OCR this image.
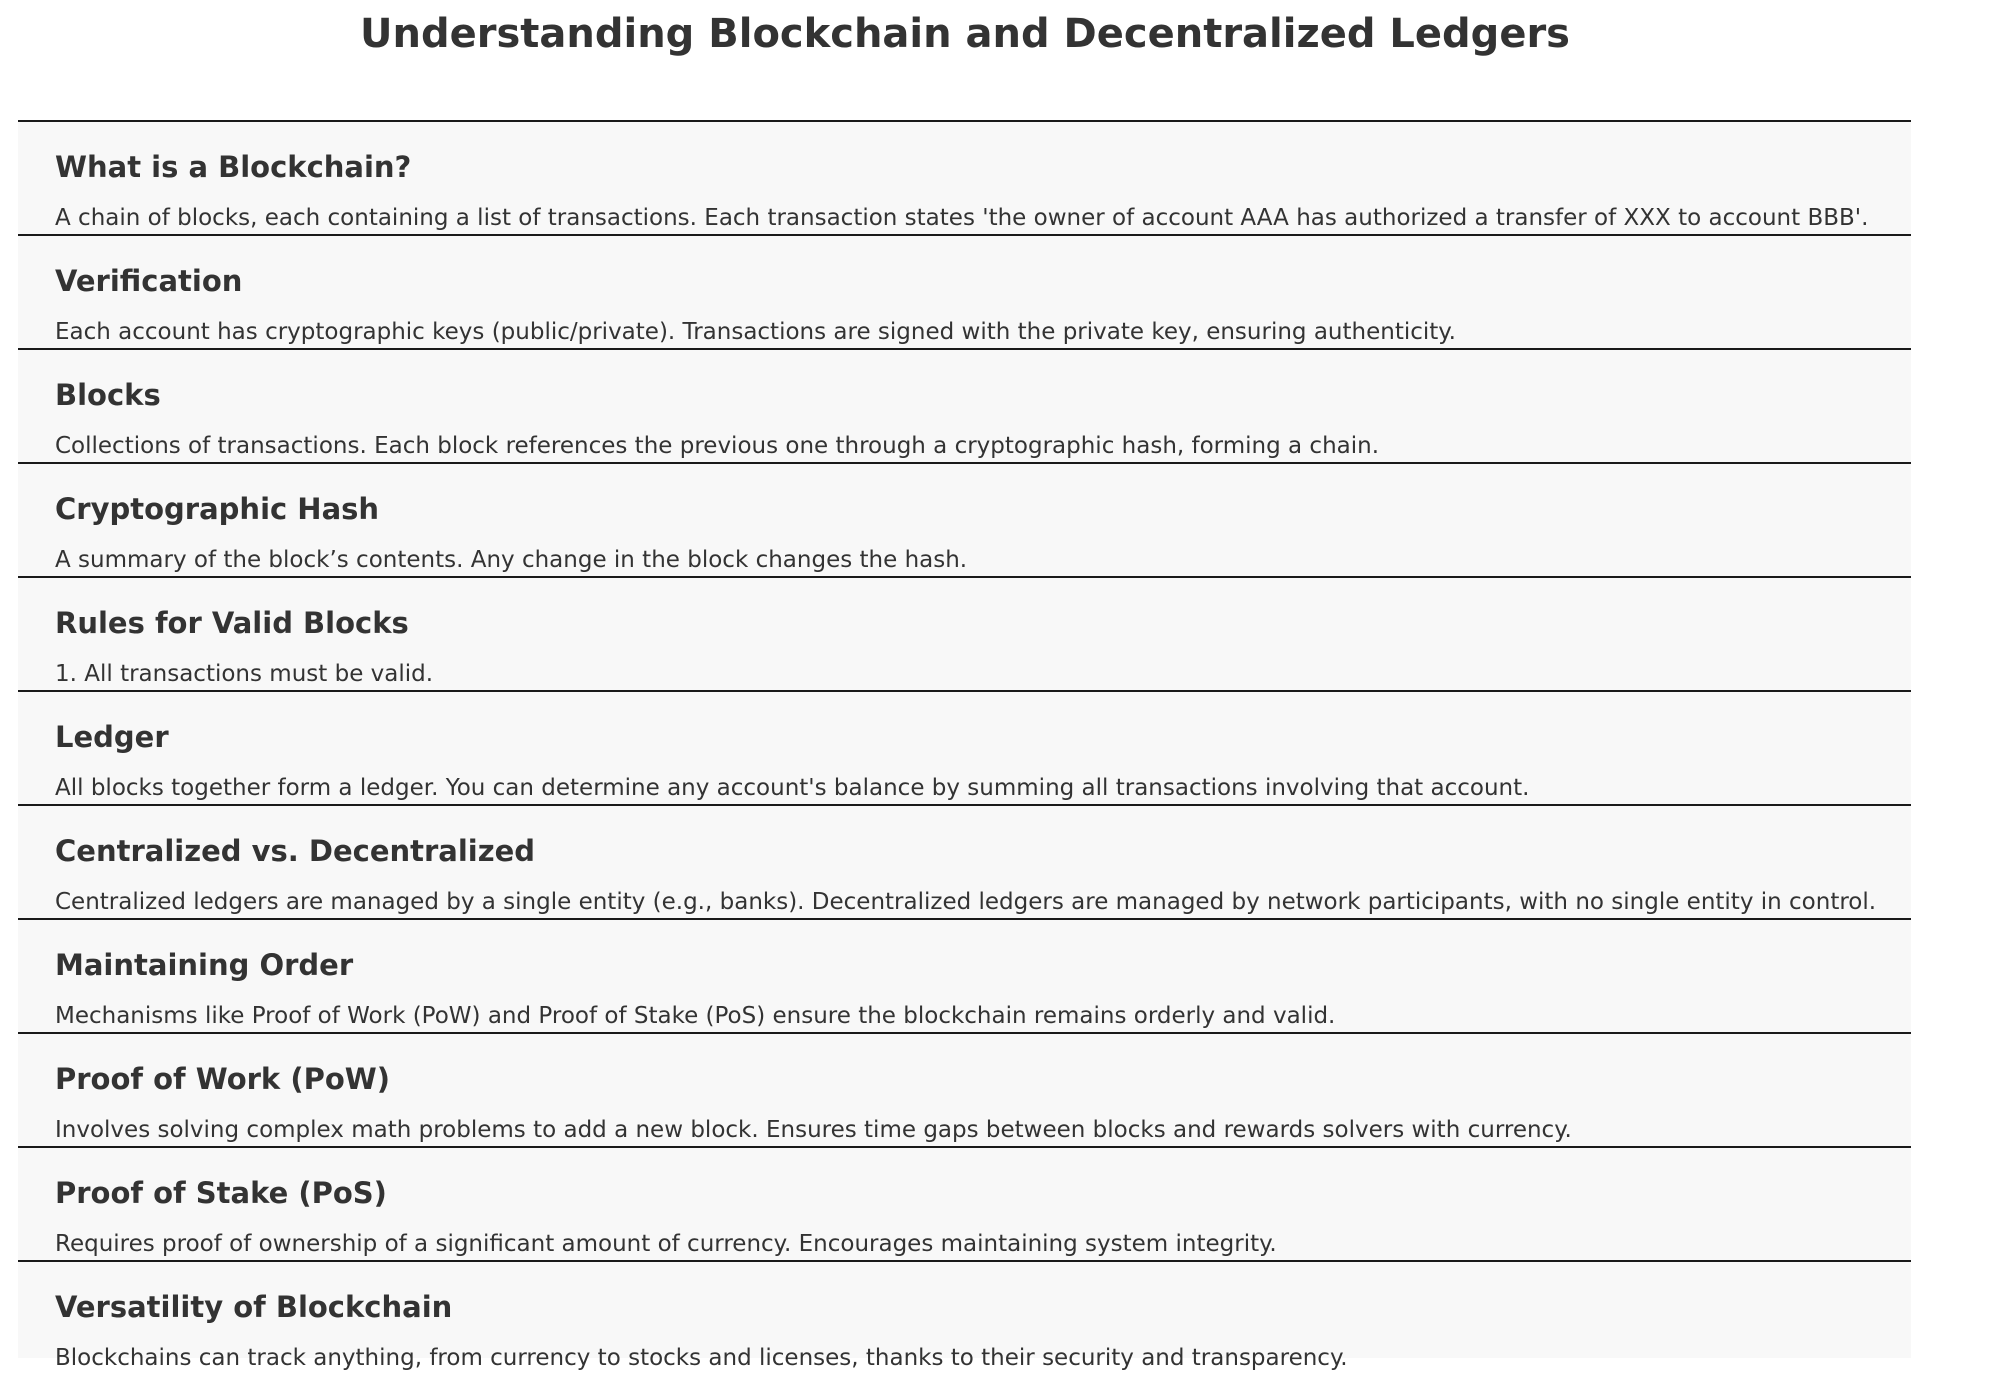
Understanding Blockchain and Decentralized Ledgers
What is a Blockchain?

A chain of blocks, each containing a list of transactions. Each transaction states 'the owner of account AAA has authorized a transfer of XXX to account BBB'.

Verification

Each account has cryptographic keys (public/private). Transactions are signed with the private key, ensuring authenticity.

Blocks

Collections of transactions. Each block references the previous one through a cryptographic hash, forming a chain.

Cryptographic Hash

A summary of the block’s contents. Any change in the block changes the hash.

Rules for Valid Blocks

1. All transactions must be valid.

Ledger

All blocks together form a ledger. You can determine any account's balance by summing all transactions involving that account.

Centralized vs. Decentralized

Centralized ledgers are managed by a single entity (e.g., banks). Decentralized ledgers are managed by network participants, with no single entity in control.

Maintaining Order

Mechanisms like Proof of Work (PoW) and Proof of Stake (PoS) ensure the blockchain remains orderly and valid.

Proof of Work (PoW)

Involves solving complex math problems to add a new block. Ensures time gaps between blocks and rewards solvers with currency.

Proof of Stake (PoS)

Requires proof of ownership of a significant amount of currency. Encourages maintaining system integrity.

Versatility of Blockchain

Blockchains can track anything, from currency to stocks and licenses, thanks to their security and transparency.
